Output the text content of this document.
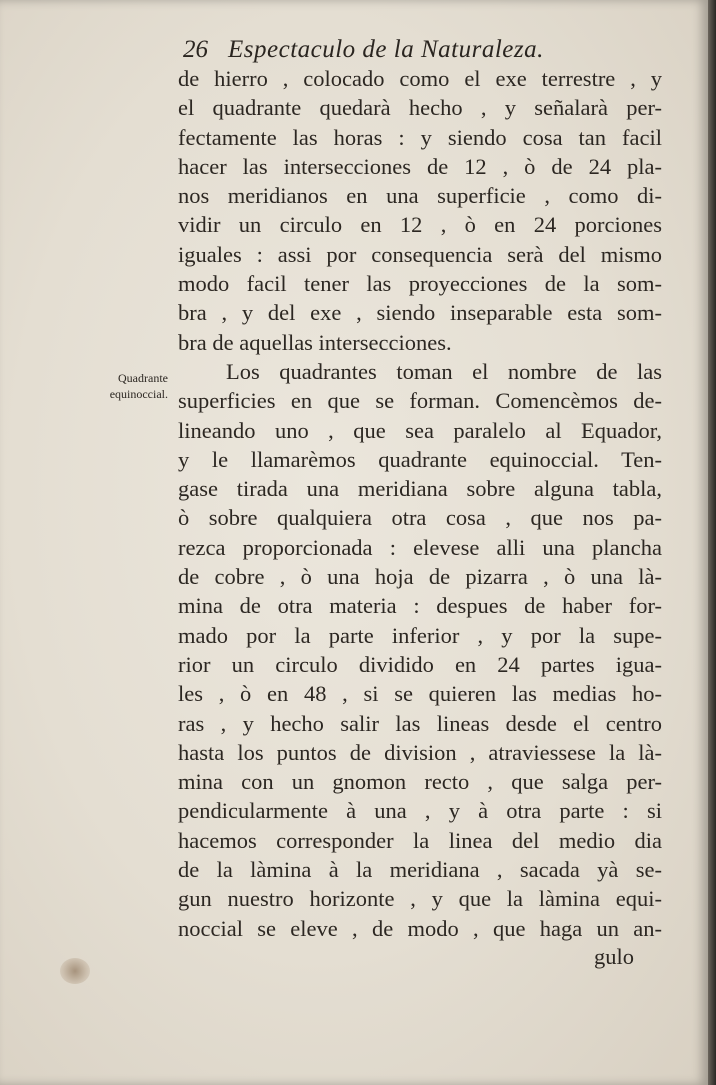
26 Espectaculo de la Naturaleza.
Quadrante
equinoccial.
de hierro , colocado como el exe terrestre , y
el quadrante quedarà hecho , y señalarà per-
fectamente las horas : y siendo cosa tan facil
hacer las intersecciones de 12 , ò de 24 pla-
nos meridianos en una superficie , como di-
vidir un circulo en 12 , ò en 24 porciones
iguales : assi por consequencia serà del mismo
modo facil tener las proyecciones de la som-
bra , y del exe , siendo inseparable esta som-
bra de aquellas intersecciones.
Los quadrantes toman el nombre de las
superficies en que se forman. Comencèmos de-
lineando uno , que sea paralelo al Equador,
y le llamarèmos quadrante equinoccial. Ten-
gase tirada una meridiana sobre alguna tabla,
ò sobre qualquiera otra cosa , que nos pa-
rezca proporcionada : elevese alli una plancha
de cobre , ò una hoja de pizarra , ò una là-
mina de otra materia : despues de haber for-
mado por la parte inferior , y por la supe-
rior un circulo dividido en 24 partes igua-
les , ò en 48 , si se quieren las medias ho-
ras , y hecho salir las lineas desde el centro
hasta los puntos de division , atraviessese la là-
mina con un gnomon recto , que salga per-
pendicularmente à una , y à otra parte : si
hacemos corresponder la linea del medio dia
de la làmina à la meridiana , sacada yà se-
gun nuestro horizonte , y que la làmina equi-
noccial se eleve , de modo , que haga un an-
gulo
